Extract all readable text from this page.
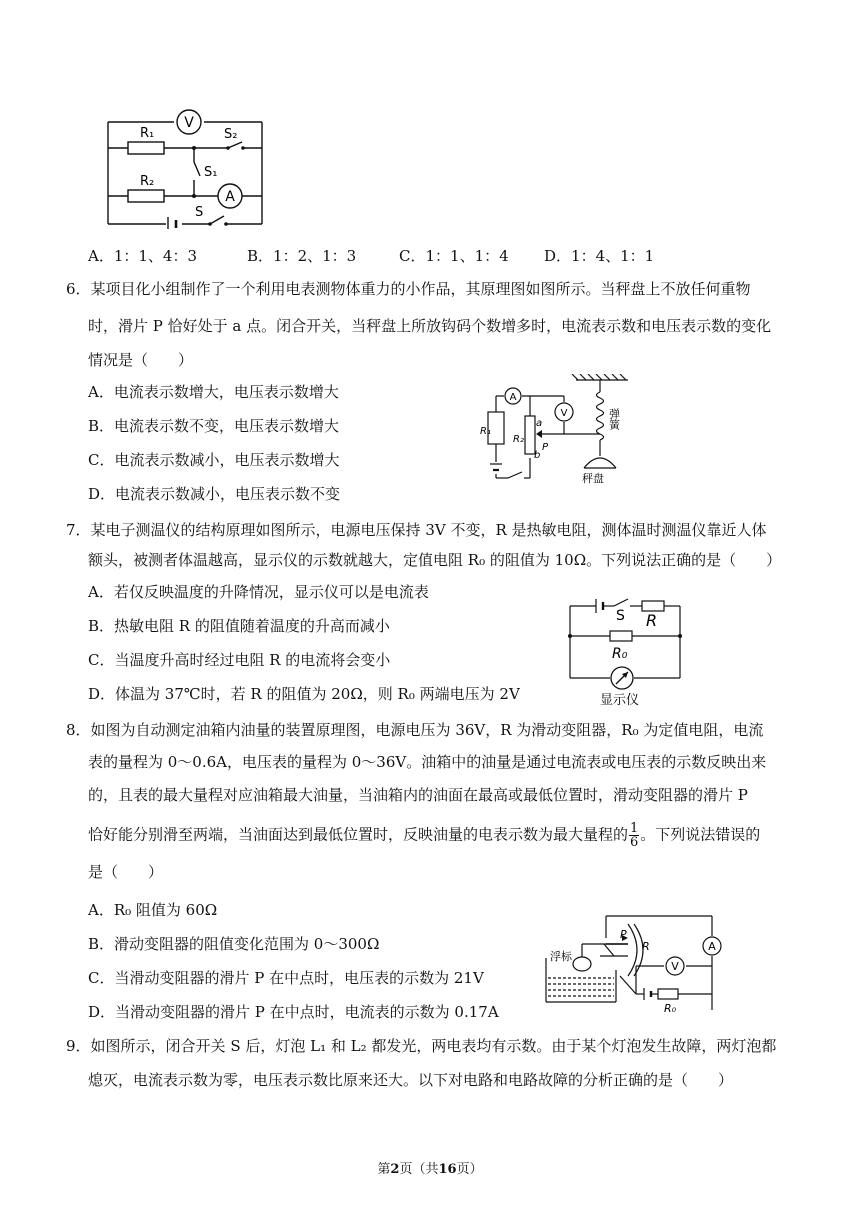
V
A
R₁
R₂
S₂
S₁
S
A．1：1、4：3	B．1：2、1：3	C．1：1、1：4 D．1：4、1：1
6．某项目化小组制作了一个利用电表测物体重力的小作品，其原理图如图所示。当秤盘上不放任何重物
时，滑片 P 恰好处于 a 点。闭合开关，当秤盘上所放钩码个数增多时，电流表示数和电压表示数的变化
情况是（　　）
A．电流表示数增大，电压表示数增大
B．电流表示数不变，电压表示数增大
C．电流表示数减小，电压表示数增大
D．电流表示数减小，电压表示数不变
A
V
R₁
R₂
a
b
P
弹簧
秤盘
7．某电子测温仪的结构原理如图所示，电源电压保持 3V 不变，R 是热敏电阻，测体温时测温仪靠近人体
额头，被测者体温越高，显示仪的示数就越大，定值电阻 R₀ 的阻值为 10Ω。下列说法正确的是（　　）
A．若仅反映温度的升降情况，显示仪可以是电流表
B．热敏电阻 R 的阻值随着温度的升高而减小
C．当温度升高时经过电阻 R 的电流将会变小
D．体温为 37℃时，若 R 的阻值为 20Ω，则 R₀ 两端电压为 2V
S R
R₀
显示仪
8．如图为自动测定油箱内油量的装置原理图，电源电压为 36V，R 为滑动变阻器，R₀ 为定值电阻，电流
表的量程为 0～0.6A，电压表的量程为 0～36V。油箱中的油量是通过电流表或电压表的示数反映出来
的，且表的最大量程对应油箱最大油量，当油箱内的油面在最高或最低位置时，滑动变阻器的滑片 P
恰好能分别滑至两端，当油面达到最低位置时，反映油量的电表示数为最大量程的 $\frac{1}{6}$ 。下列说法错误的
是（　　）
A．R₀ 阻值为 60Ω
B．滑动变阻器的阻值变化范围为 0～300Ω
C．当滑动变阻器的滑片 P 在中点时，电压表的示数为 21V
D．当滑动变阻器的滑片 P 在中点时，电流表的示数为 0.17A
A
V
浮标
P
R
R₀
9．如图所示，闭合开关 S 后，灯泡 L₁ 和 L₂ 都发光，两电表均有示数。由于某个灯泡发生故障，两灯泡都
熄灭，电流表示数为零，电压表示数比原来还大。以下对电路和电路故障的分析正确的是（　　）
第2页（共16页）
